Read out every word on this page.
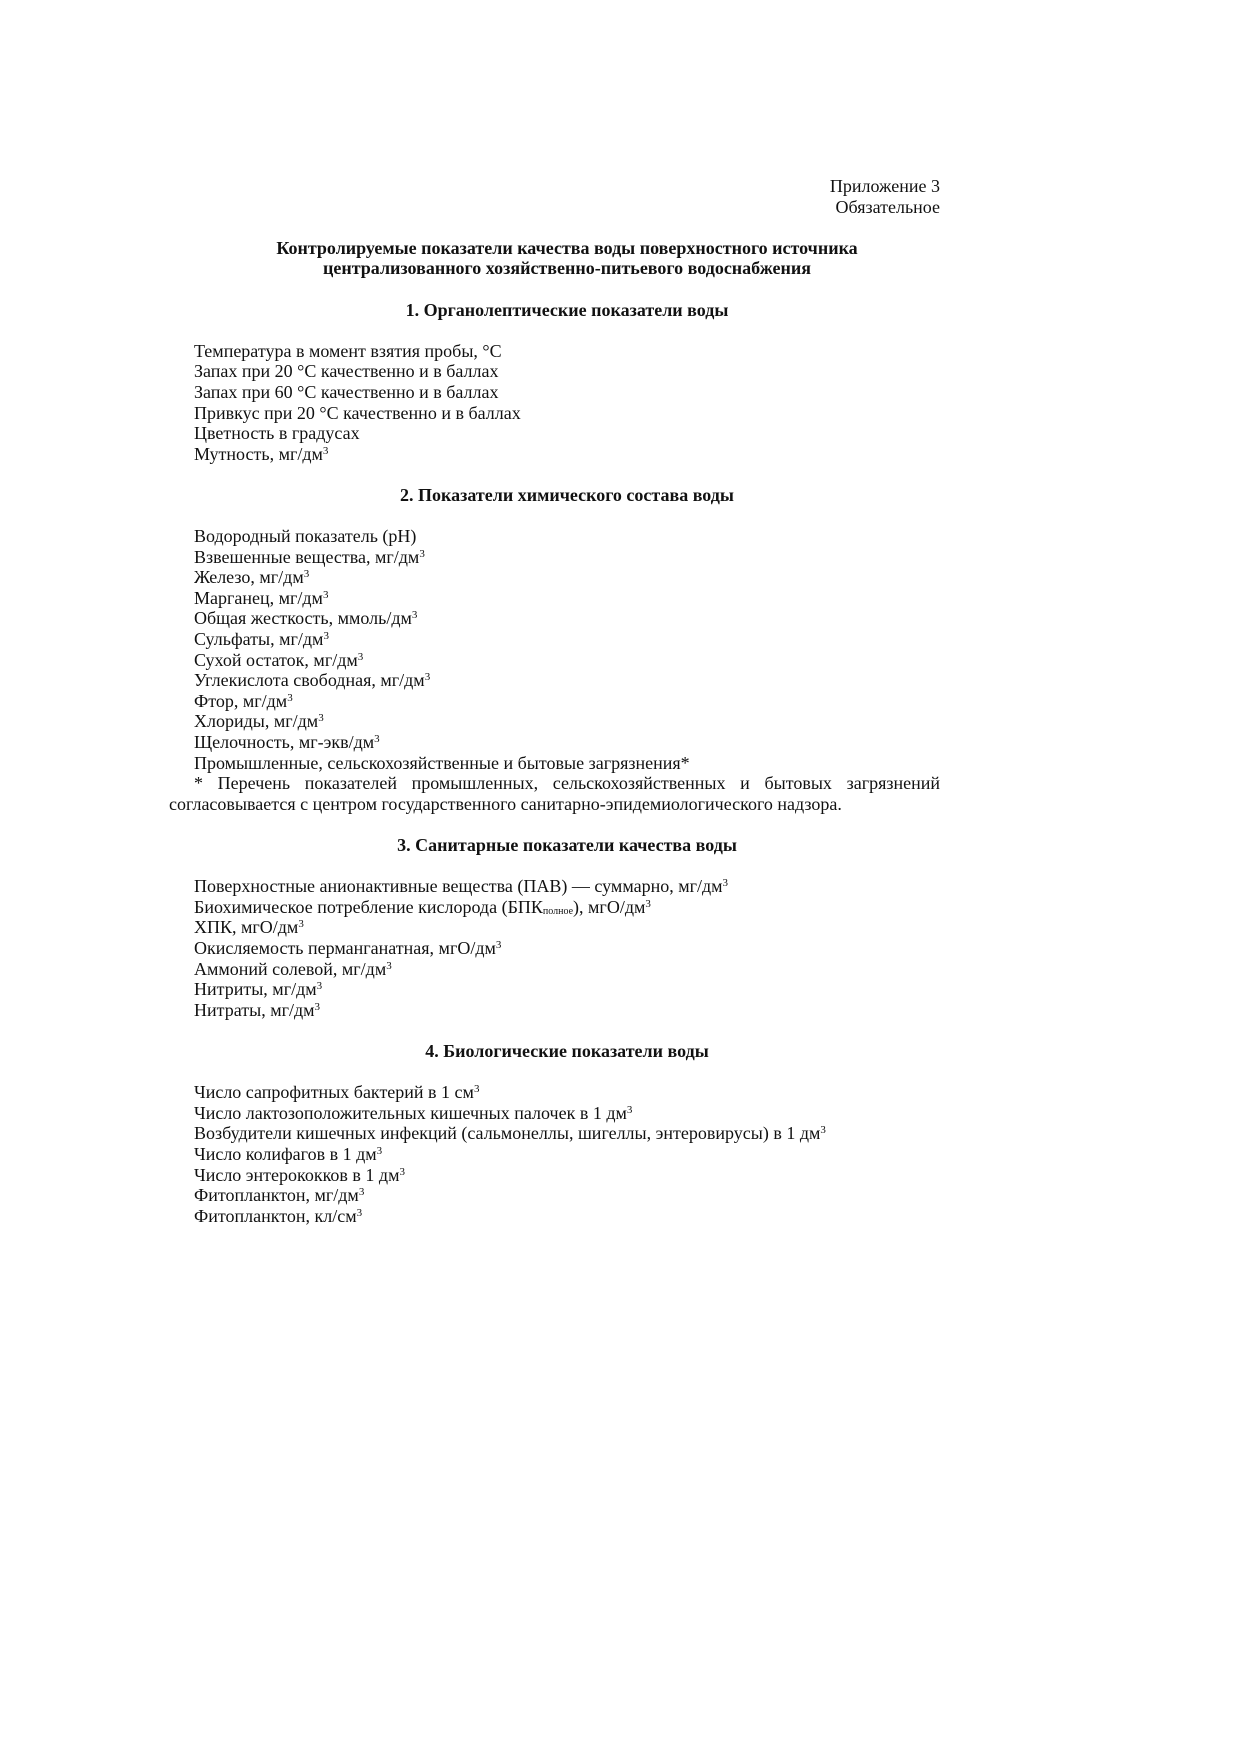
Приложение 3
Обязательное
Контролируемые показатели качества воды поверхностного источника
централизованного хозяйственно-питьевого водоснабжения
1. Органолептические показатели воды
Температура в момент взятия пробы, °С
Запах при 20 °С качественно и в баллах
Запах при 60 °С качественно и в баллах
Привкус при 20 °С качественно и в баллах
Цветность в градусах
Мутность, $мг/дм^3$
2. Показатели химического состава воды
Водородный показатель (рН)
Взвешенные вещества, $мг/дм^3$
Железо, $мг/дм^3$
Марганец, $мг/дм^3$
Общая жесткость, ммоль/$дм^3$
Сульфаты, $мг/дм^3$
Сухой остаток, $мг/дм^3$
Углекислота свободная, $мг/дм^3$
Фтор, $мг/дм^3$
Хлориды, $мг/дм^3$
Щелочность, $мг-экв/дм^3$
Промышленные, сельскохозяйственные и бытовые загрязнения*
* Перечень показателей промышленных, сельскохозяйственных и бытовых загрязнений
согласовывается с центром государственного санитарно-эпидемиологического надзора.
3. Санитарные показатели качества воды
Поверхностные анионактивные вещества (ПАВ) — суммарно, $мг/дм^3$
Биохимическое потребление кислорода $(БПК_{полное})$, мгО/$дм^3$
ХПК, мгО/$дм^3$
Окисляемость перманганатная, мгО/$дм^3$
Аммоний солевой, $мг/дм^3$
Нитриты, $мг/дм^3$
Нитраты, $мг/дм^3$
4. Биологические показатели воды
Число сапрофитных бактерий в 1 $см^3$
Число лактозоположительных кишечных палочек в 1 $дм^3$
Возбудители кишечных инфекций (сальмонеллы, шигеллы, энтеровирусы) в 1 $дм^3$
Число колифагов в 1 $дм^3$
Число энтерококков в 1 $дм^3$
Фитопланктон, $мг/дм^3$
Фитопланктон, $кл/см^3$
